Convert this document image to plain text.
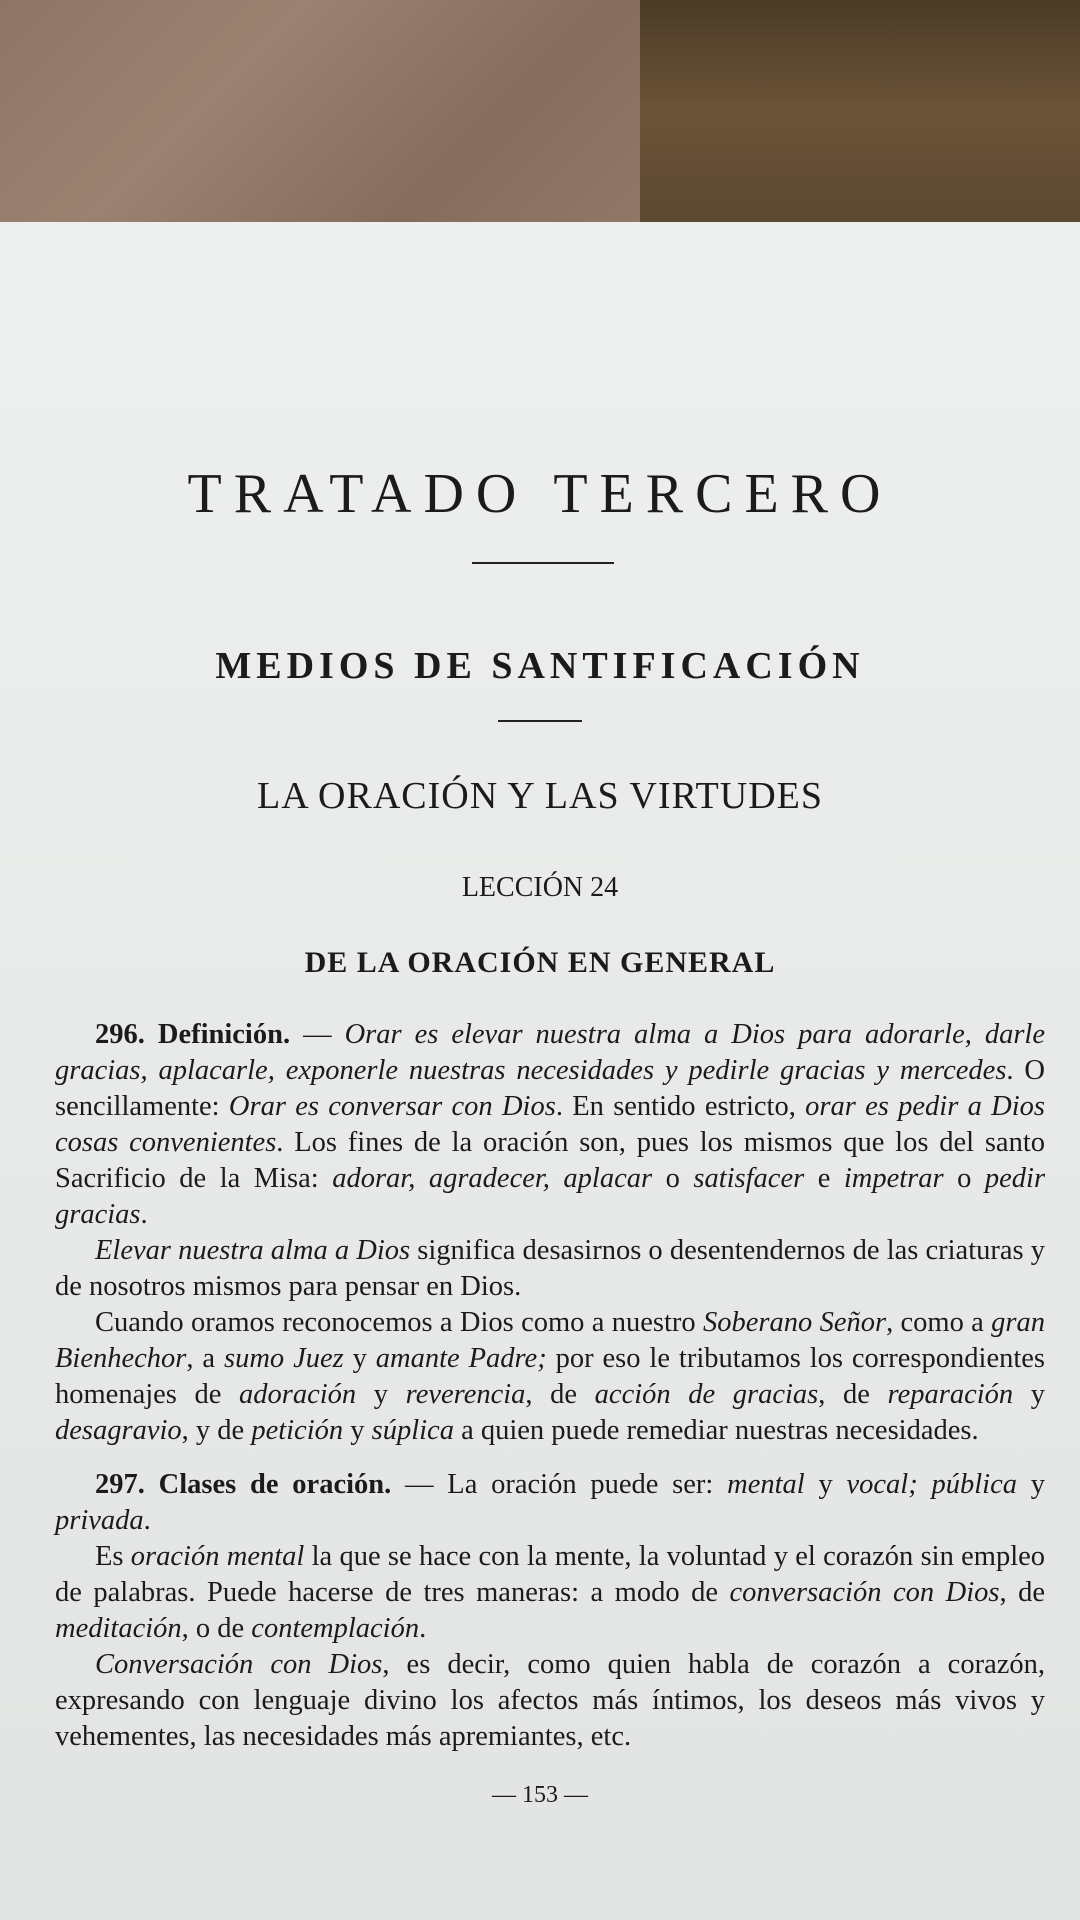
TRATADO TERCERO
MEDIOS DE SANTIFICACIÓN
LA ORACIÓN Y LAS VIRTUDES
LECCIÓN 24
DE LA ORACIÓN EN GENERAL

296. Definición. — Orar es elevar nuestra alma a Dios para adorarle, darle gracias, aplacarle, exponerle nuestras necesidades y pedirle gracias y mercedes. O sencillamente: Orar es conversar con Dios. En sentido estricto, orar es pedir a Dios cosas convenientes. Los fines de la oración son, pues los mismos que los del santo Sacrificio de la Misa: adorar, agradecer, aplacar o satisfacer e impetrar o pedir gracias.

Elevar nuestra alma a Dios significa desasirnos o desentendernos de las criaturas y de nosotros mismos para pensar en Dios.

Cuando oramos reconocemos a Dios como a nuestro Soberano Señor, como a gran Bienhechor, a sumo Juez y amante Padre; por eso le tributamos los correspondientes homenajes de adoración y reverencia, de acción de gracias, de reparación y desagravio, y de petición y súplica a quien puede remediar nuestras necesidades.

297. Clases de oración. — La oración puede ser: mental y vocal; pública y privada.

Es oración mental la que se hace con la mente, la voluntad y el corazón sin empleo de palabras. Puede hacerse de tres maneras: a modo de conversación con Dios, de meditación, o de contemplación.

Conversación con Dios, es decir, como quien habla de corazón a corazón, expresando con lenguaje divino los afectos más íntimos, los deseos más vivos y vehementes, las necesidades más apremiantes, etc.

— 153 —
